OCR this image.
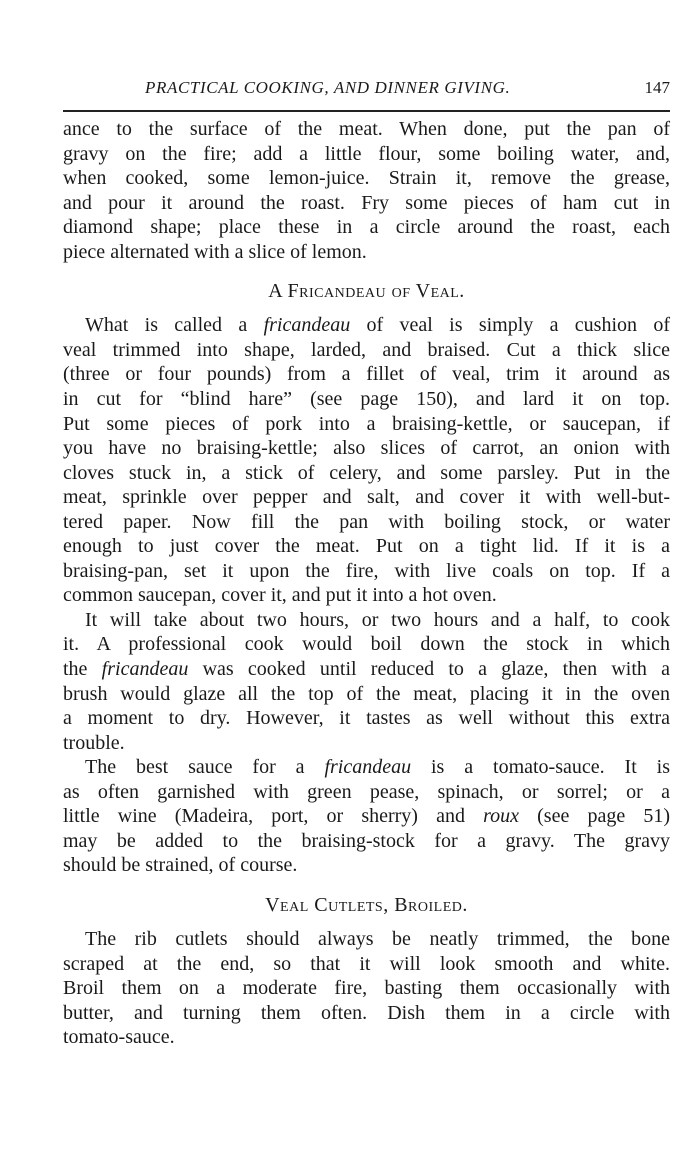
PRACTICAL COOKING, AND DINNER GIVING.	147
ance to the surface of the meat. When done, put the pan of
gravy on the fire; add a little flour, some boiling water, and,
when cooked, some lemon-juice. Strain it, remove the grease,
and pour it around the roast. Fry some pieces of ham cut in
diamond shape; place these in a circle around the roast, each
piece alternated with a slice of lemon.
A Fricandeau of Veal.
What is called a fricandeau of veal is simply a cushion of
veal trimmed into shape, larded, and braised. Cut a thick slice
(three or four pounds) from a fillet of veal, trim it around as
in cut for “blind hare” (see page 150), and lard it on top.
Put some pieces of pork into a braising-kettle, or saucepan, if
you have no braising-kettle; also slices of carrot, an onion with
cloves stuck in, a stick of celery, and some parsley. Put in the
meat, sprinkle over pepper and salt, and cover it with well-but-
tered paper. Now fill the pan with boiling stock, or water
enough to just cover the meat. Put on a tight lid. If it is a
braising-pan, set it upon the fire, with live coals on top. If a
common saucepan, cover it, and put it into a hot oven.
It will take about two hours, or two hours and a half, to cook
it. A professional cook would boil down the stock in which
the fricandeau was cooked until reduced to a glaze, then with a
brush would glaze all the top of the meat, placing it in the oven
a moment to dry. However, it tastes as well without this extra
trouble.
The best sauce for a fricandeau is a tomato-sauce. It is
as often garnished with green pease, spinach, or sorrel; or a
little wine (Madeira, port, or sherry) and roux (see page 51)
may be added to the braising-stock for a gravy. The gravy
should be strained, of course.
Veal Cutlets, Broiled.
The rib cutlets should always be neatly trimmed, the bone
scraped at the end, so that it will look smooth and white.
Broil them on a moderate fire, basting them occasionally with
butter, and turning them often. Dish them in a circle with
tomato-sauce.
